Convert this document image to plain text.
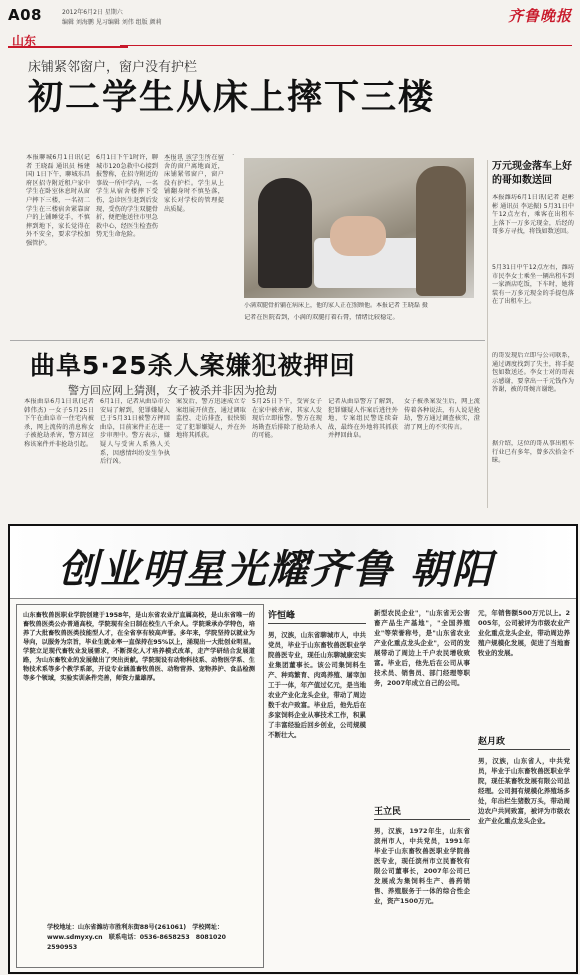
A08	2012年6月2日 星期六
编辑 刘海鹏 见习编辑 刘伟 组版 颜莉	齐鲁晚报
山东
床铺紧邻窗户，窗户没有护栏
初二学生从床上摔下三楼
本报聊城6月1日讯(记者 王晓磊 通讯员 杨建国) 1日下午，聊城东昌府区招寺附近租户家中学生在卧室休息时从窗户摔下三楼，一名初二学生在三楼宿舍紧靠窗户的上铺睡觉手，不慎摔到地下，家长觉得在外不安全，要求学校加强管护。
6月1日下午1时许，聊城市120急救中心接到报警称，在招寺附近的事故一所中学内，一名学生从宿舍楼摔下受伤，急诊医生赶到后发现，受伤的学生双腿骨折，便把他送往市里急救中心，经医生检查伤势无生命危险。
本报讯 该学生所在宿舍的窗户离地面近，床铺紧邻窗户，窗户没有护栏。学生从上铺翻身时不慎坠落，家长对学校的管理提出质疑。
小满双腿骨折躺在病床上，他的家人正在照顾他。本报记者 王晓磊 摄
记者在医院看到，小满的双腿打着石膏，情绪比较稳定。
万元现金落车上好的哥如数送回
本报潍坊6月1日讯(记者 赵彬彬 通讯员 李运振) 5月31日中午12点左右，乘客在出租车上落下一万多元现金，后经的哥多方寻找，将钱如数送回。
5月31日中午12点左右，潍坊市民李女士乘坐一辆出租车到一家酒店吃饭，下车时，她将装有一万多元现金的手提包落在了出租车上。
的哥发现后立即与公司联系，通过调度找到了失主，将手提包如数送还。李女士对的哥表示感谢，要拿出一千元钱作为答谢，被的哥婉言谢绝。
据介绍，这位的哥从事出租车行业已有多年，曾多次拾金不昧。
曲阜5·25杀人案嫌犯被押回
警方回应网上猜测，女子被杀并非因为抢劫
本报曲阜6月1日讯(记者 韩伟杰) 一女子5月25日下午在曲阜市一住宅内被杀，网上流传的消息称女子被抢劫杀害，警方回应称该案件并非抢劫引起。
6月1日，记者从曲阜市公安局了解到，犯罪嫌疑人已于5月31日被警方押回曲阜，目前案件正在进一步审理中。警方表示，嫌疑人与受害人系熟人关系，因感情纠纷发生争执后行凶。
案发后，警方迅速成立专案组展开侦查，通过调取监控、走访排查，很快锁定了犯罪嫌疑人，并在外地将其抓获。
5月25日下午，受害女子在家中被杀害，其家人发现后立即报警。警方在现场勘查后排除了抢劫杀人的可能。
记者从曲阜警方了解到，犯罪嫌疑人作案后逃往外地，专案组民警连续奋战，最终在外地将其抓获并押回曲阜。
女子被杀案发生后，网上流传着各种说法，有人说是抢劫，警方通过调查核实，澄清了网上的不实传言。
创业明星光耀齐鲁 朝阳
山东畜牧兽医职业学院创建于1958年，是山东省农业厅直属高校，是山东省唯一的畜牧兽医类公办普通高校，学院现有全日制在校生八千余人。学院秉承办学特色，培养了大批畜牧兽医类技能型人才，在全省享有较高声誉。多年来，学院坚持以就业为导向，以服务为宗旨，毕业生就业率一直保持在95%以上，涌现出一大批创业明星。学院立足现代畜牧业发展需求，不断深化人才培养模式改革，走产学研结合发展道路，为山东畜牧业的发展做出了突出贡献。学院现设有动物科技系、动物医学系、生物技术系等多个教学系部，开设专业涵盖畜牧兽医、动物营养、宠物养护、食品检测等多个领域，实验实训条件完善，师资力量雄厚。
学校地址：山东省潍坊市胜利东街88号(261061)　学校网址：www.sdmyxy.cn　联系电话：0536-8658253　8081020　2590953
许恒峰
男，汉族，山东省聊城市人，中共党员，毕业于山东畜牧兽医职业学院兽医专业，现任山东聊城康宏实业集团董事长。该公司集饲料生产、种鸡繁育、肉鸡养殖、屠宰加工于一体，年产值过亿元，是当地农业产业化龙头企业，带动了周边数千农户致富。毕业后，他先后在多家饲料企业从事技术工作，积累了丰富经验后回乡创业，公司规模不断壮大。
新型农民企业"，"山东省无公害畜产品生产基地"，"全国养殖业"等荣誉称号，是"山东省农业产业化重点龙头企业"，公司的发展带动了周边上千户农民增收致富。毕业后，他先后在公司从事技术员、销售员、部门经理等职务，2007年成立自己的公司。
王立民
男，汉族，1972年生，山东省滨州市人，中共党员，1991年毕业于山东畜牧兽医职业学院兽医专业，现任滨州市立民畜牧有限公司董事长，2007年公司已发展成为集饲料生产、兽药销售、养殖服务于一体的综合性企业，资产1500万元。
元，年销售额500万元以上。2005年，公司被评为市级农业产业化重点龙头企业，带动周边养殖户规模化发展，促进了当地畜牧业的发展。
赵月政
男，汉族，山东省人，中共党员，毕业于山东畜牧兽医职业学院，现任某畜牧发展有限公司总经理。公司拥有规模化养殖场多处，年出栏生猪数万头，带动周边农户共同致富，被评为市级农业产业化重点龙头企业。
